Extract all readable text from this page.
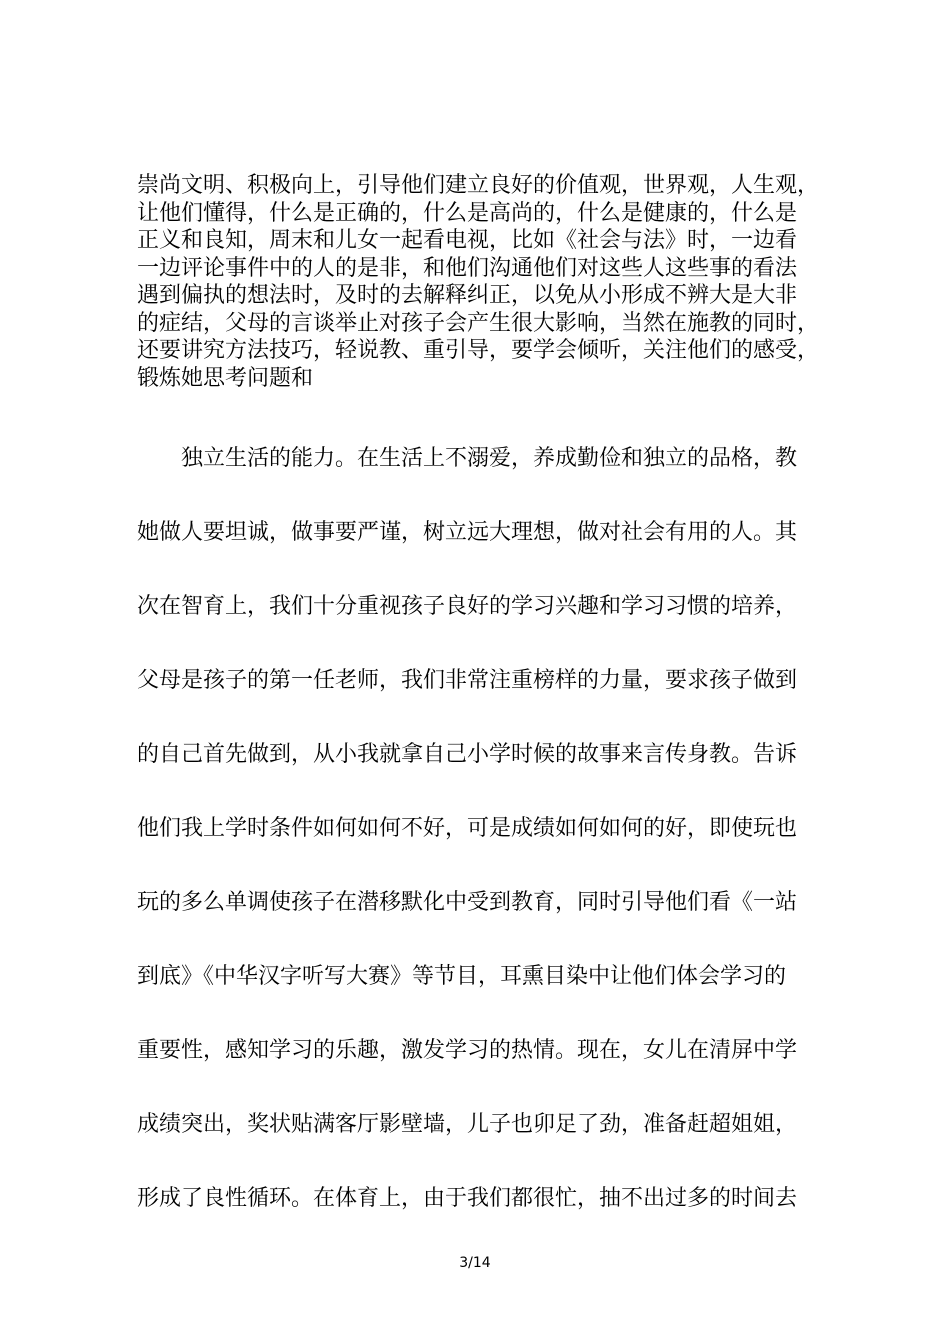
崇尚文明、积极向上，引导他们建立良好的价值观，世界观，人生观，
让他们懂得，什么是正确的，什么是高尚的，什么是健康的，什么是
正义和良知，周末和儿女一起看电视，比如《社会与法》时，一边看
一边评论事件中的人的是非，和他们沟通他们对这些人这些事的看法
遇到偏执的想法时，及时的去解释纠正，以免从小形成不辨大是大非
的症结，父母的言谈举止对孩子会产生很大影响，当然在施教的同时，
还要讲究方法技巧，轻说教、重引导，要学会倾听，关注他们的感受，
锻炼她思考问题和
　　独立生活的能力。在生活上不溺爱，养成勤俭和独立的品格，教
她做人要坦诚，做事要严谨，树立远大理想，做对社会有用的人。其
次在智育上，我们十分重视孩子良好的学习兴趣和学习习惯的培养，
父母是孩子的第一任老师，我们非常注重榜样的力量，要求孩子做到
的自己首先做到，从小我就拿自己小学时候的故事来言传身教。告诉
他们我上学时条件如何如何不好，可是成绩如何如何的好，即使玩也
玩的多么单调使孩子在潜移默化中受到教育，同时引导他们看《一站
到底》《中华汉字听写大赛》等节目，耳熏目染中让他们体会学习的
重要性，感知学习的乐趣，激发学习的热情。现在，女儿在清屏中学
成绩突出，奖状贴满客厅影壁墙，儿子也卯足了劲，准备赶超姐姐，
形成了良性循环。在体育上，由于我们都很忙，抽不出过多的时间去
3/14
